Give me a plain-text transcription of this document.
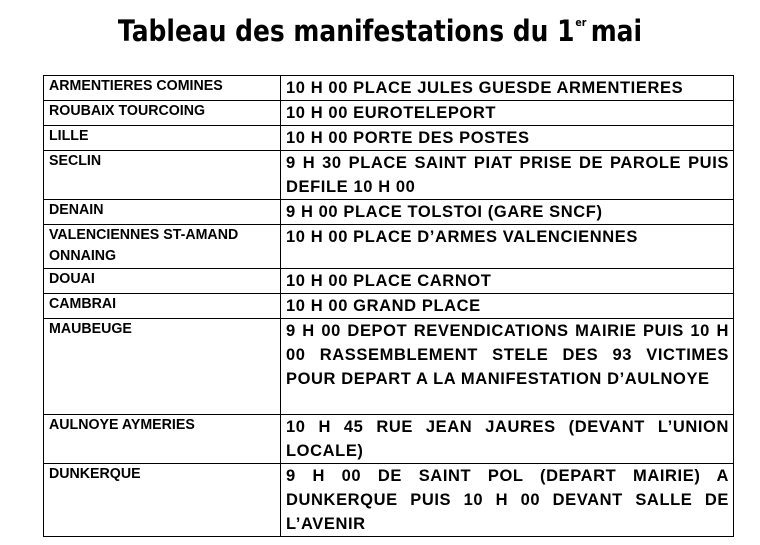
Tableau des manifestations du 1er mai
ARMENTIERES COMINES	10 H 00 PLACE JULES GUESDE ARMENTIERES

ROUBAIX TOURCOING	10 H 00 EUROTELEPORT

LILLE	10 H 00 PORTE DES POSTES

SECLIN	9 H 30 PLACE SAINT PIAT PRISE DE PAROLE PUIS DEFILE 10 H 00

DENAIN	9 H 00 PLACE TOLSTOI (GARE SNCF)

VALENCIENNES ST-AMAND ONNAING	10 H 00 PLACE D’ARMES VALENCIENNES

DOUAI	10 H 00 PLACE CARNOT

CAMBRAI	10 H 00 GRAND PLACE

MAUBEUGE	9 H 00 DEPOT REVENDICATIONS MAIRIE PUIS 10 H 00 RASSEMBLEMENT STELE DES 93 VICTIMES POUR DEPART A LA MANIFESTATION D’AULNOYE

AULNOYE AYMERIES	10 H 45 RUE JEAN JAURES (DEVANT L’UNION LOCALE)

DUNKERQUE	9 H 00 DE SAINT POL (DEPART MAIRIE) A DUNKERQUE PUIS 10 H 00 DEVANT SALLE DE L’AVENIR
